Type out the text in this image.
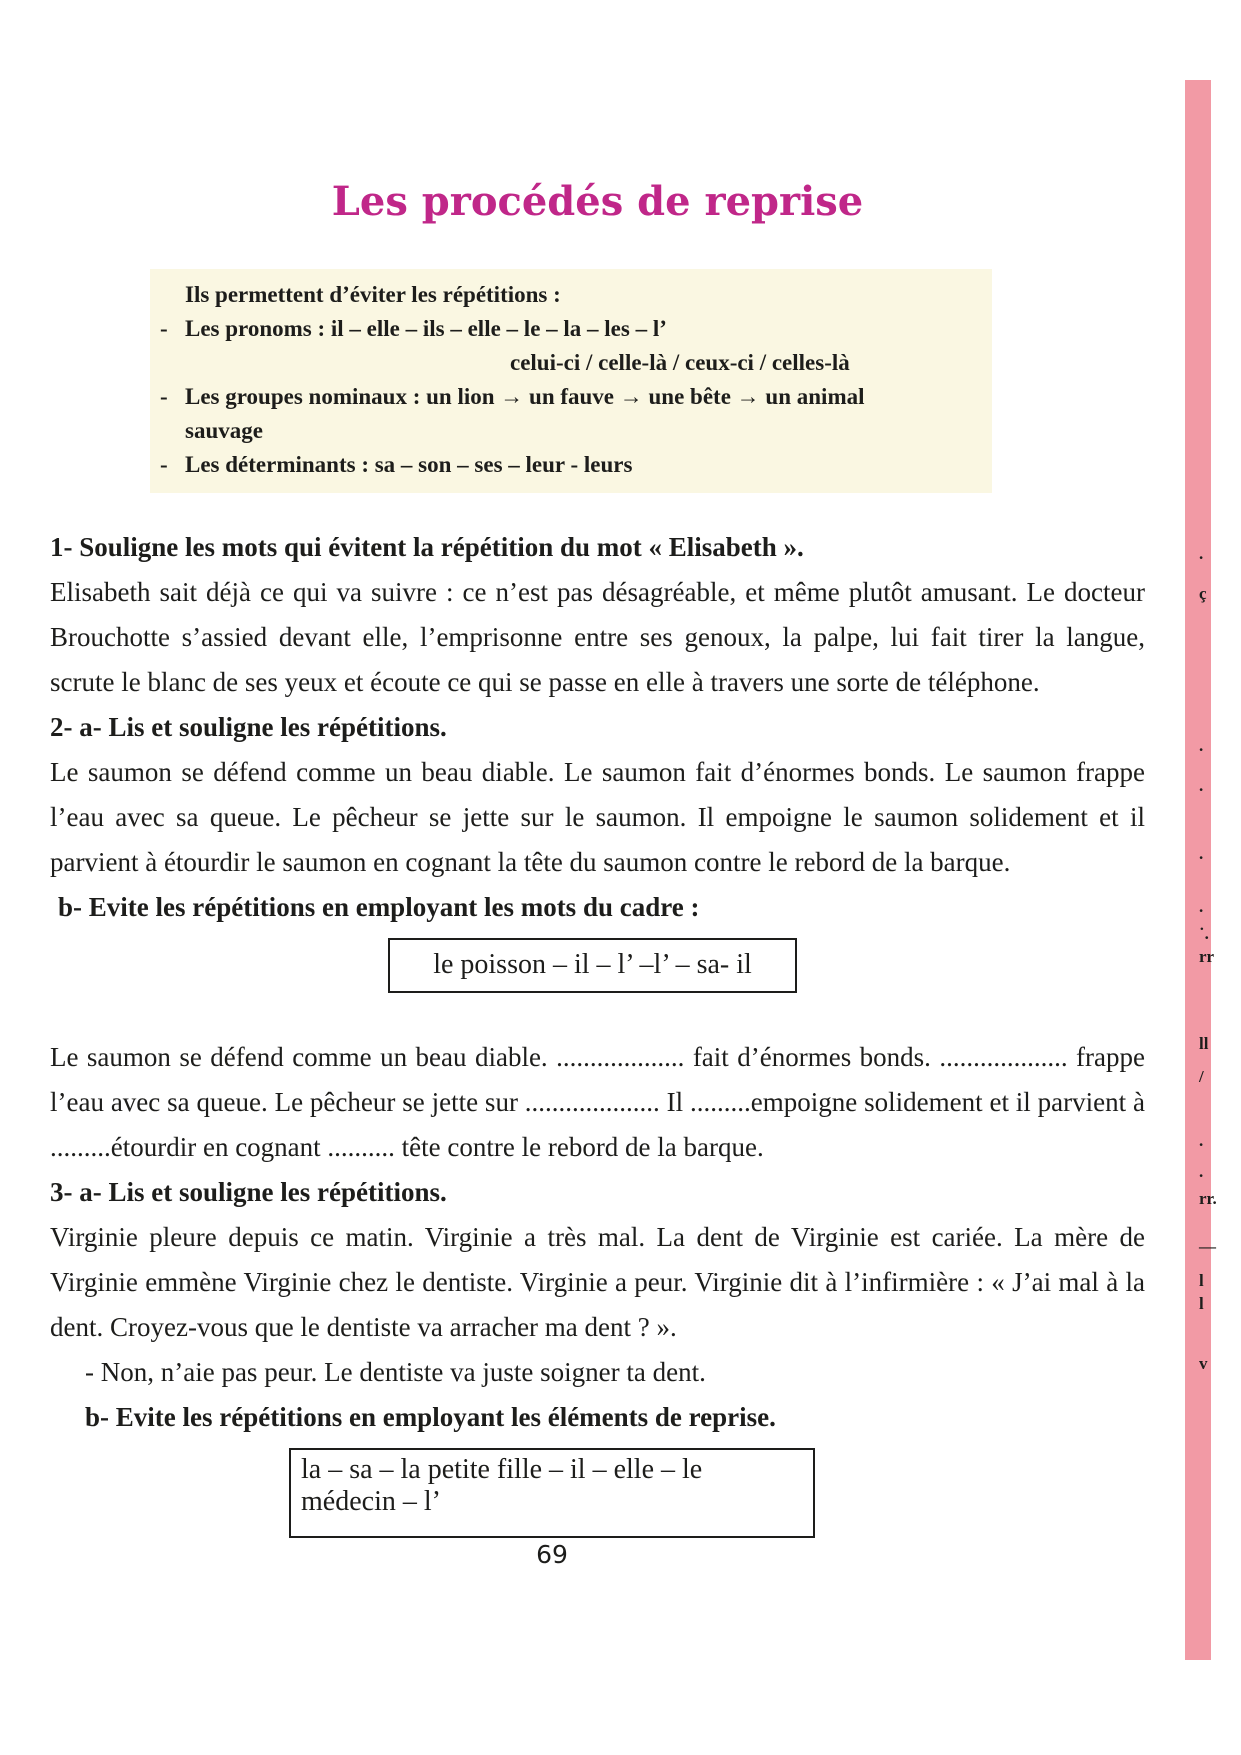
.
ç
.
.
.
.
˙.
rr
ll
/
.
.
rr.
—
l
l
v
Les procédés de reprise
Ils permettent d’éviter les répétitions :
- Les pronoms : il – elle – ils – elle – le – la – les – l’
celui-ci / celle-là / ceux-ci / celles-là
- Les groupes nominaux : un lion → un fauve → une bête → un animal
sauvage
- Les déterminants : sa – son – ses – leur - leurs

1- Souligne les mots qui évitent la répétition du mot « Elisabeth ».

Elisabeth sait déjà ce qui va suivre : ce n’est pas désagréable, et même plutôt amusant. Le docteur Brouchotte s’assied devant elle, l’emprisonne entre ses genoux, la palpe, lui fait tirer la langue, scrute le blanc de ses yeux et écoute ce qui se passe en elle à travers une sorte de téléphone.

2- a- Lis et souligne les répétitions.

Le saumon se défend comme un beau diable. Le saumon fait d’énormes bonds. Le saumon frappe l’eau avec sa queue. Le pêcheur se jette sur le saumon. Il empoigne le saumon solidement et il parvient à étourdir le saumon en cognant la tête du saumon contre le rebord de la barque.

b- Evite les répétitions en employant les mots du cadre :

le poisson – il – l’ –l’ – sa- il

Le saumon se défend comme un beau diable. ................... fait d’énormes bonds. ................... frappe l’eau avec sa queue. Le pêcheur se jette sur .................... Il .........empoigne solidement et il parvient à .........étourdir en cognant .......... tête contre le rebord de la barque.

3- a- Lis et souligne les répétitions.

Virginie pleure depuis ce matin. Virginie a très mal. La dent de Virginie est cariée. La mère de Virginie emmène Virginie chez le dentiste. Virginie a peur. Virginie dit à l’infirmière : « J’ai mal à la dent. Croyez-vous que le dentiste va arracher ma dent ? ».

- Non, n’aie pas peur. Le dentiste va juste soigner ta dent.

b- Evite les répétitions en employant les éléments de reprise.

la – sa – la petite fille – il – elle – le médecin – l’
69
